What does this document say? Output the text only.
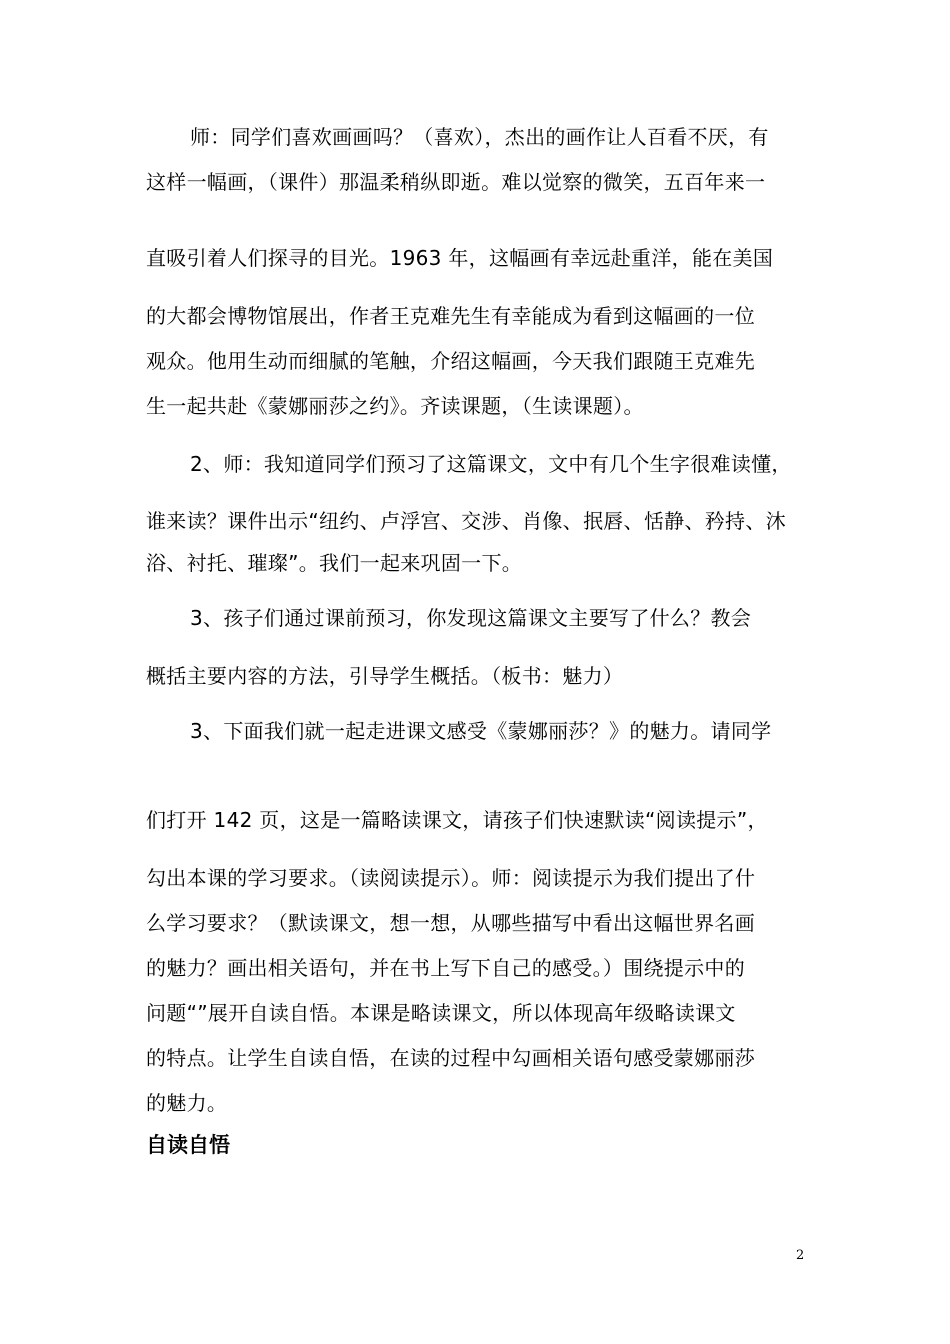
师：同学们喜欢画画吗？（喜欢），杰出的画作让人百看不厌，有
这样一幅画，（课件）那温柔稍纵即逝。难以觉察的微笑，五百年来一
直吸引着人们探寻的目光。1963 年，这幅画有幸远赴重洋，能在美国
的大都会博物馆展出，作者王克难先生有幸能成为看到这幅画的一位
观众。他用生动而细腻的笔触，介绍这幅画，今天我们跟随王克难先
生一起共赴《蒙娜丽莎之约》。齐读课题，（生读课题）。
2、师：我知道同学们预习了这篇课文，文中有几个生字很难读懂，
谁来读？课件出示“纽约、卢浮宫、交涉、肖像、抿唇、恬静、矜持、沐
浴、衬托、璀璨”。我们一起来巩固一下。
3、孩子们通过课前预习，你发现这篇课文主要写了什么？教会
概括主要内容的方法，引导学生概括。（板书：魅力）
3、下面我们就一起走进课文感受《蒙娜丽莎？》的魅力。请同学
们打开 142 页，这是一篇略读课文，请孩子们快速默读“阅读提示”，
勾出本课的学习要求。（读阅读提示）。师：阅读提示为我们提出了什
么学习要求？（默读课文，想一想，从哪些描写中看出这幅世界名画
的魅力？画出相关语句，并在书上写下自己的感受。）围绕提示中的
问题“”展开自读自悟。本课是略读课文，所以体现高年级略读课文
的特点。让学生自读自悟，在读的过程中勾画相关语句感受蒙娜丽莎
的魅力。
自读自悟
2
